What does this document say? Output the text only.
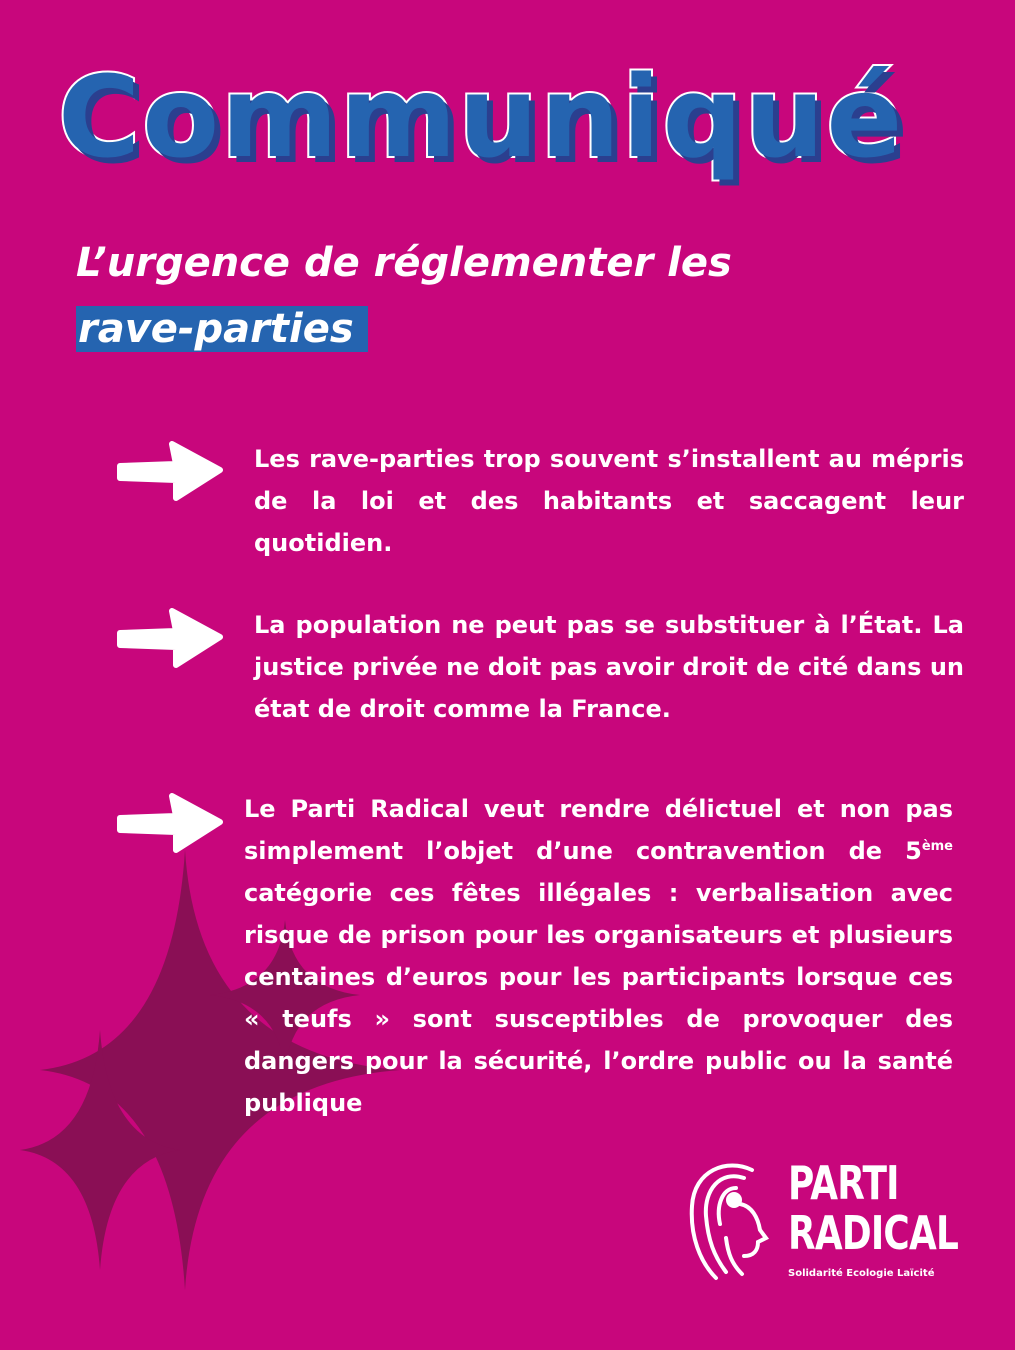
Communiqué
L’urgence de réglementer les
rave-parties
Les rave-parties trop souvent s’installent au mépris de la loi et des habitants et saccagent leur quotidien.
La population ne peut pas se substituer à l’État. La justice privée ne doit pas avoir droit de cité dans un état de droit comme la France.
Le Parti Radical veut rendre délictuel et non pas simplement l’objet d’une contravention de 5ème catégorie ces fêtes illégales : verbalisation avec risque de prison pour les organisateurs et plusieurs centaines d’euros pour les participants lorsque ces « teufs » sont susceptibles de provoquer des dangers pour la sécurité, l’ordre public ou la santé publique
PARTI
RADICAL
Solidarité Ecologie Laïcité
